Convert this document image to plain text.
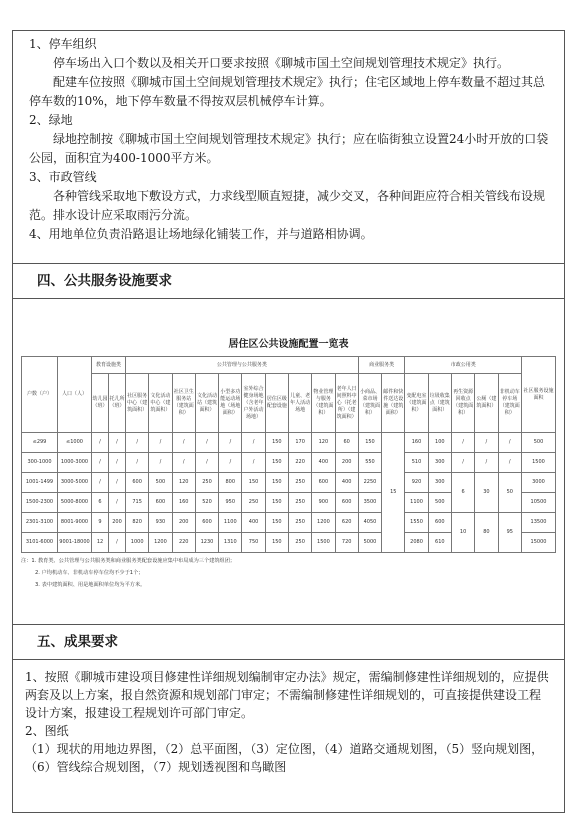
1、停车组织

停车场出入口个数以及相关开口要求按照《聊城市国土空间规划管理技术规定》执行。

配建车位按照《聊城市国土空间规划管理技术规定》执行；住宅区域地上停车数量不超过其总停车数的10%，地下停车数量不得按双层机械停车计算。

2、绿地

绿地控制按《聊城市国土空间规划管理技术规定》执行；应在临街独立设置24小时开放的口袋公园，面积宜为400-1000平方米。

3、市政管线

各种管线采取地下敷设方式，力求线型顺直短捷，减少交叉，各种间距应符合相关管线布设规范。排水设计应采取雨污分流。

4、用地单位负责沿路退让场地绿化铺装工作，并与道路相协调。

四、公共服务设施要求
居住区公共设施配置一览表
户数（户）	人口（人）	教育设施类		公共管理与公共服务类										商业服务类		市政公用类					社区服务设施面积
		幼儿园（班）	托儿所（班）	社区服务中心（建筑面积）	文化活动中心（建筑面积）	社区卫生服务站（建筑面积）	文化活动站（建筑面积）	小型多功能运动场地（场地面积）	室外综合健身场地（含老年户外活动场地）	居住区级配套设施	儿童、老年人活动场地	物业管理与服务（建筑面积）	老年人日间照料中心（托老所）（建筑面积）	小商品、菜市场（建筑面积）	邮件和快件送达设施（建筑面积）	变配电室（建筑面积）	垃圾收集点（建筑面积）	再生资源回收点（建筑面积）	公厕（建筑面积）	非机动车停车场（建筑面积）	
≤299	≤1000	/	/	/	/	/	/	/	/	150	170	120	60	150	15	160	100	/	/	/	500
300-1000	1000-3000	/	/	/	/	/	/	/	/	150	220	400	200	550		510	300	/	/	/	1500
1001-1499	3000-5000	/	/	600	500	120	250	800	150	150	250	600	400	2250		920	300	6	30	50	3000
1500-2300	5000-8000	6	/	715	600	160	520	950	250	150	250	900	600	3500		1100	500				10500
2301-3100	8001-9000	9	200	820	930	200	600	1100	400	150	250	1200	620	4050		1550	600	10	80	95	13500
3101-6000	9001-18000	12	/	1000	1200	220	1230	1310	750	150	250	1500	720	5000		2080	610				15000

注：1. 教育类、公共管理与公共服务类和商业服务类配套设施应集中布局成为三个建筑组团；

2. 户均机动车、非机动车停车位均不少于1个；

3. 表中建筑面积、用是地面积单位均为平方米。

五、成果要求

1、按照《聊城市建设项目修建性详细规划编制审定办法》规定，需编制修建性详细规划的，应提供两套及以上方案，报自然资源和规划部门审定；不需编制修建性详细规划的，可直接提供建设工程设计方案，报建设工程规划许可部门审定。

2、图纸

（1）现状的用地边界图，（2）总平面图，（3）定位图，（4）道路交通规划图，（5）竖向规划图，（6）管线综合规划图，（7）规划透视图和鸟瞰图
